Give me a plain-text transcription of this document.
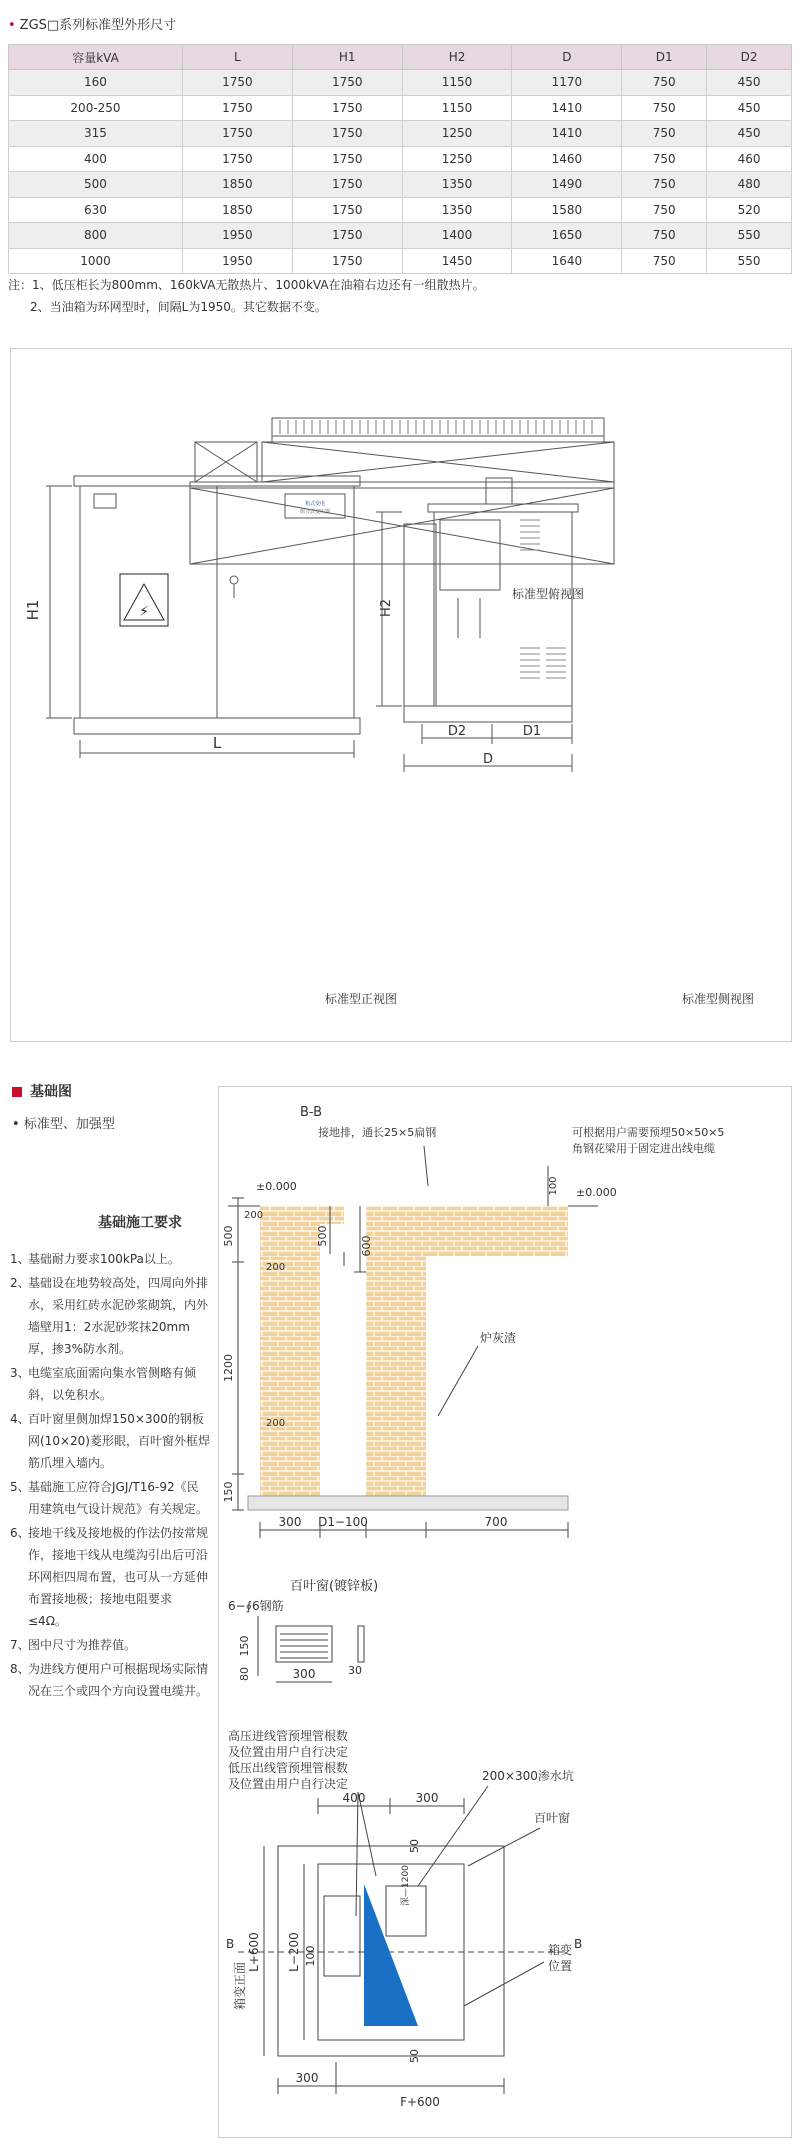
• ZGS□系列标准型外形尺寸
容量kVA	L	H1	H2	D	D1	D2
160	1750	1750	1150	1170	750	450
200-250	1750	1750	1150	1410	750	450
315	1750	1750	1250	1410	750	450
400	1750	1750	1250	1460	750	460
500	1850	1750	1350	1490	750	480
630	1850	1750	1350	1580	750	520
800	1950	1750	1400	1650	750	550
1000	1950	1750	1450	1640	750	550
注：1、低压柜长为800mm、160kVA无散热片、1000kVA在油箱右边还有一组散热片。
2、当油箱为环网型时，间隔L为1950。其它数据不变。
⚡
箱式变电
组合式变压器
H1
L
H2
D2	D1
D
标准型俯视图
标准型正视图	标准型侧视图
基础图
• 标准型、加强型
基础施工要求
1、
基础耐力要求100kPa以上。
2、
基础设在地势较高处，四周向外排水，采用红砖水泥砂浆砌筑，内外墙壁用1：2水泥砂浆抹20mm厚，掺3%防水剂。
3、
电缆室底面需向集水管侧略有倾斜，以免积水。
4、
百叶窗里侧加焊150×300的钢板网(10×20)菱形眼，百叶窗外框焊筋爪埋入墙内。
5、
基础施工应符合JGJ/T16-92《民用建筑电气设计规范》有关规定。
6、
接地干线及接地极的作法仍按常规作，接地干线从电缆沟引出后可沿环网柜四周布置，也可从一方延伸布置接地极；接地电阻要求≤4Ω。
7、
图中尺寸为推荐值。
8、
为进线方便用户可根据现场实际情况在三个或四个方向设置电缆井。
B-B
接地排，通长25×5扁钢	可根据用户需要预埋50×50×5
角钢花梁用于固定进出线电缆
200
±0.000	±0.000
500	500	600
100
200
200
1200
150
炉灰渣
300 D1−100	700
百叶窗(镀锌板)
6−∮6钢筋
150
80	300	30
高压进线管预埋管根数
及位置由用户自行决定
低压出线管预埋管根数
及位置由用户自行决定
200×300渗水坑
百叶窗
箱变
位置
深—1200
400	300
50
L+600 L−200 100
箱变正面
50
300
F+600
B	B
